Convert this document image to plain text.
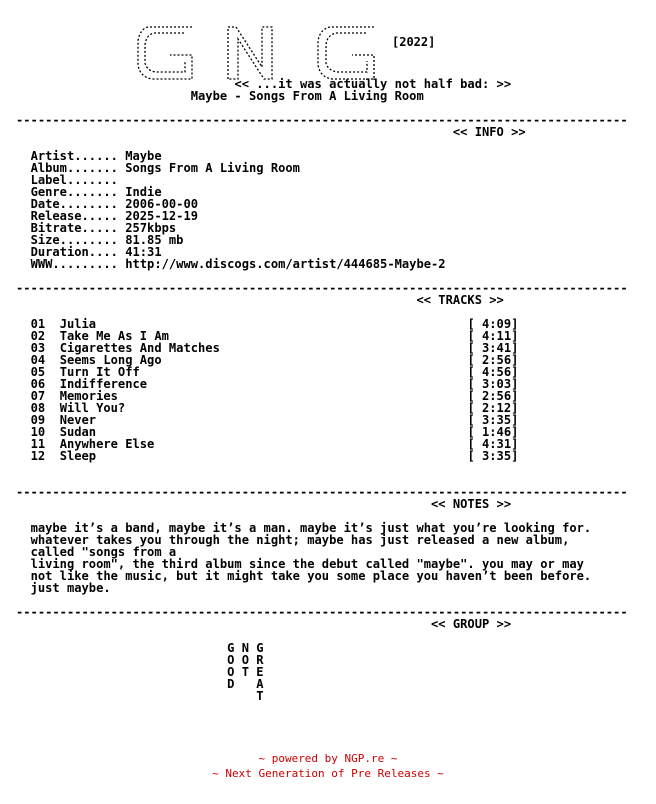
[2022]

<< ...it was actually not half bad: >>
Maybe - Songs From A Living Room

------------------------------------------------------------------------------------
<< INFO >>

Artist...... Maybe
Album....... Songs From A Living Room
Label.......
Genre....... Indie
Date........ 2006-00-00
Release..... 2025-12-19
Bitrate..... 257kbps
Size........ 81.85 mb
Duration.... 41:31
WWW......... http://www.discogs.com/artist/444685-Maybe-2

------------------------------------------------------------------------------------
<< TRACKS >>

01 Julia	[ 4:09]
02 Take Me As I Am	[ 4:11]
03 Cigarettes And Matches	[ 3:41]
04 Seems Long Ago	[ 2:56]
05 Turn It Off	[ 4:56]
06 Indifference	[ 3:03]
07 Memories	[ 2:56]
08 Will You?	[ 2:12]
09 Never	[ 3:35]
10 Sudan	[ 1:46]
11 Anywhere Else	[ 4:31]
12 Sleep	[ 3:35]

------------------------------------------------------------------------------------
<< NOTES >>

maybe it’s a band, maybe it’s a man. maybe it’s just what you’re looking for.
whatever takes you through the night; maybe has just released a new album,
called "songs from a
living room", the third album since the debut called "maybe". you may or may
not like the music, but it might take you some place you haven’t been before.
just maybe.

------------------------------------------------------------------------------------
<< GROUP >>

G N G
O O R
O T E
D   A
T
~ powered by NGP.re ~
~ Next Generation of Pre Releases ~
